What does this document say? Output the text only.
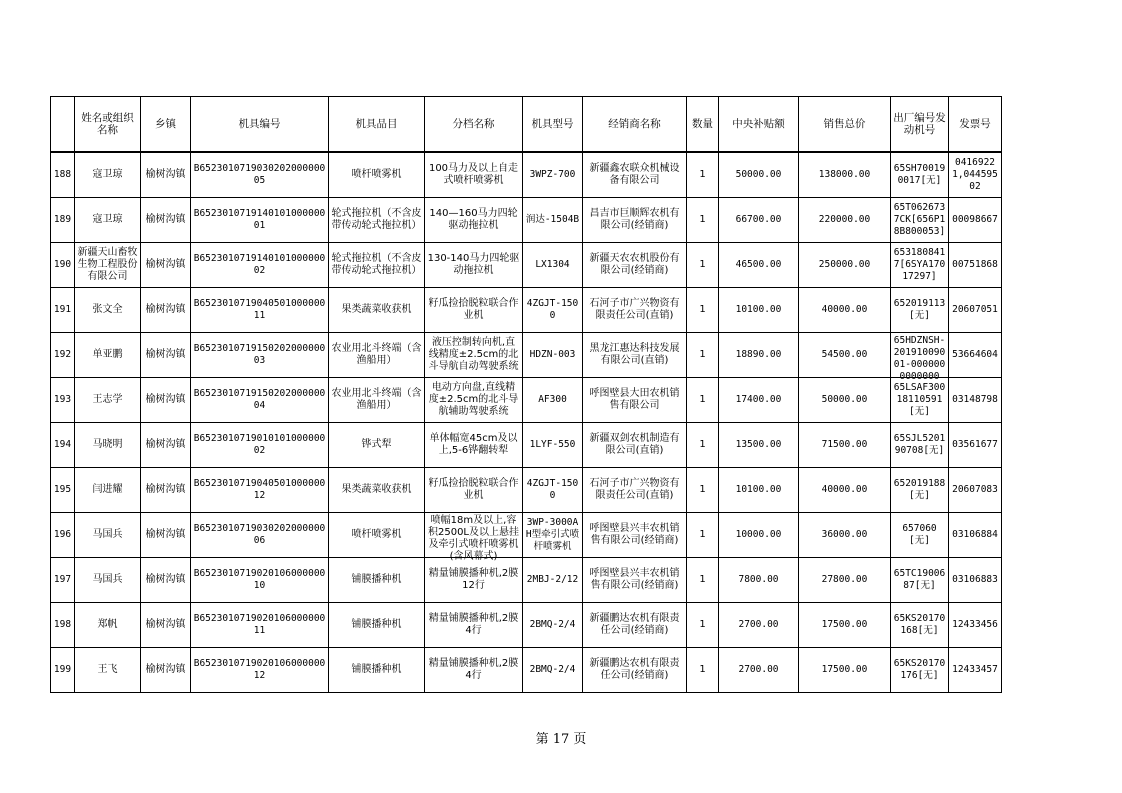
	姓名或组织名称	乡镇	机具编号	机具品目	分档名称	机具型号	经销商名称	数量	中央补贴额	销售总价	出厂编号发动机号	发票号

188	寇卫琼	榆树沟镇	B652301071903020200000005	喷杆喷雾机	100马力及以上自走式喷杆喷雾机	3WPZ-700	新疆鑫农联众机械设备有限公司	1	50000.00	138000.00	65SH700190017[无]	04169221,04459502

189	寇卫琼	榆树沟镇	B652301071914010100000001	轮式拖拉机（不含皮带传动轮式拖拉机）	140—160马力四轮驱动拖拉机	润达-1504B	昌吉市巨顺辉农机有限公司(经销商)	1	66700.00	220000.00	65T0626737CK[656P18B800053]	00098667

190	新疆天山畜牧生物工程股份有限公司	榆树沟镇	B652301071914010100000002	轮式拖拉机（不含皮带传动轮式拖拉机）	130-140马力四轮驱动拖拉机	LX1304	新疆天农农机股份有限公司(经销商)	1	46500.00	250000.00	6531808417[6SYA17017297]	00751868

191	张文全	榆树沟镇	B652301071904050100000011	果类蔬菜收获机	籽瓜捡拾脱粒联合作业机	4ZGJT-1500	石河子市广兴物资有限责任公司(直销)	1	10100.00	40000.00	652019113[无]	20607051

192	单亚鹏	榆树沟镇	B652301071915020200000003	农业用北斗终端（含渔船用）	液压控制转向机,直线精度±2.5cm的北斗导航自动驾驶系统	HDZN-003	黑龙江惠达科技发展有限公司(直销)	1	18890.00	54500.00	65HDZNSH-20191009001-0000000000000	53664604

193	王志学	榆树沟镇	B652301071915020200000004	农业用北斗终端（含渔船用）	电动方向盘,直线精度±2.5cm的北斗导航辅助驾驶系统	AF300	呼图壁县大田农机销售有限公司	1	17400.00	50000.00	65LSAF30018110591[无]	03148798

194	马晓明	榆树沟镇	B652301071901010100000002	铧式犁	单体幅宽45cm及以上,5-6铧翻转犁	1LYF-550	新疆双剑农机制造有限公司(直销)	1	13500.00	71500.00	65SJL520190708[无]	03561677

195	闫进耀	榆树沟镇	B652301071904050100000012	果类蔬菜收获机	籽瓜捡拾脱粒联合作业机	4ZGJT-1500	石河子市广兴物资有限责任公司(直销)	1	10100.00	40000.00	652019188[无]	20607083

196	马国兵	榆树沟镇	B652301071903020200000006	喷杆喷雾机	喷幅18m及以上,容积2500L及以上悬挂及牵引式喷杆喷雾机(含风幕式)	3WP-3000AH型牵引式喷杆喷雾机	呼图壁县兴丰农机销售有限公司(经销商)	1	10000.00	36000.00	657060[无]	03106884

197	马国兵	榆树沟镇	B652301071902010600000010	铺膜播种机	精量铺膜播种机,2膜12行	2MBJ-2/12	呼图壁县兴丰农机销售有限公司(经销商)	1	7800.00	27800.00	65TC1900687[无]	03106883

198	郑帆	榆树沟镇	B652301071902010600000011	铺膜播种机	精量铺膜播种机,2膜4行	2BMQ-2/4	新疆鹏达农机有限责任公司(经销商)	1	2700.00	17500.00	65KS20170168[无]	12433456

199	王飞	榆树沟镇	B652301071902010600000012	铺膜播种机	精量铺膜播种机,2膜4行	2BMQ-2/4	新疆鹏达农机有限责任公司(经销商)	1	2700.00	17500.00	65KS20170176[无]	12433457
第 17 页
